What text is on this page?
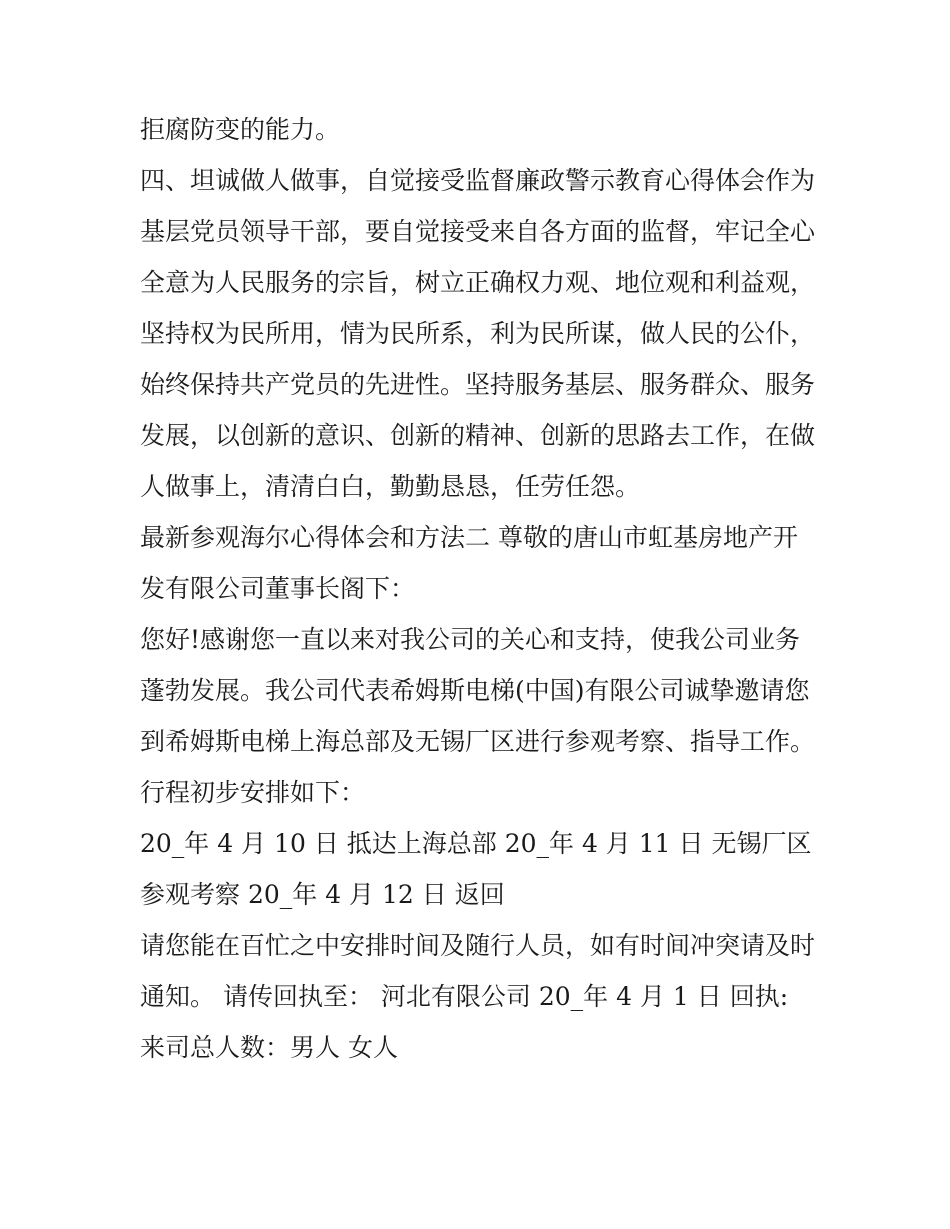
拒腐防变的能力。

四、坦诚做人做事，自觉接受监督廉政警示教育心得体会作为基层党员领导干部，要自觉接受来自各方面的监督，牢记全心全意为人民服务的宗旨，树立正确权力观、地位观和利益观，坚持权为民所用，情为民所系，利为民所谋，做人民的公仆，始终保持共产党员的先进性。坚持服务基层、服务群众、服务发展，以创新的意识、创新的精神、创新的思路去工作，在做人做事上，清清白白，勤勤恳恳，任劳任怨。

最新参观海尔心得体会和方法二 尊敬的唐山市虹基房地产开发有限公司董事长阁下：

您好!感谢您一直以来对我公司的关心和支持，使我公司业务蓬勃发展。我公司代表希姆斯电梯(中国)有限公司诚挚邀请您到希姆斯电梯上海总部及无锡厂区进行参观考察、指导工作。

行程初步安排如下：

20_年 4 月 10 日 抵达上海总部 20_年 4 月 11 日 无锡厂区参观考察 20_年 4 月 12 日 返回

请您能在百忙之中安排时间及随行人员，如有时间冲突请及时通知。 请传回执至： 河北有限公司 20_年 4 月 1 日 回执: 来司总人数：男人 女人
